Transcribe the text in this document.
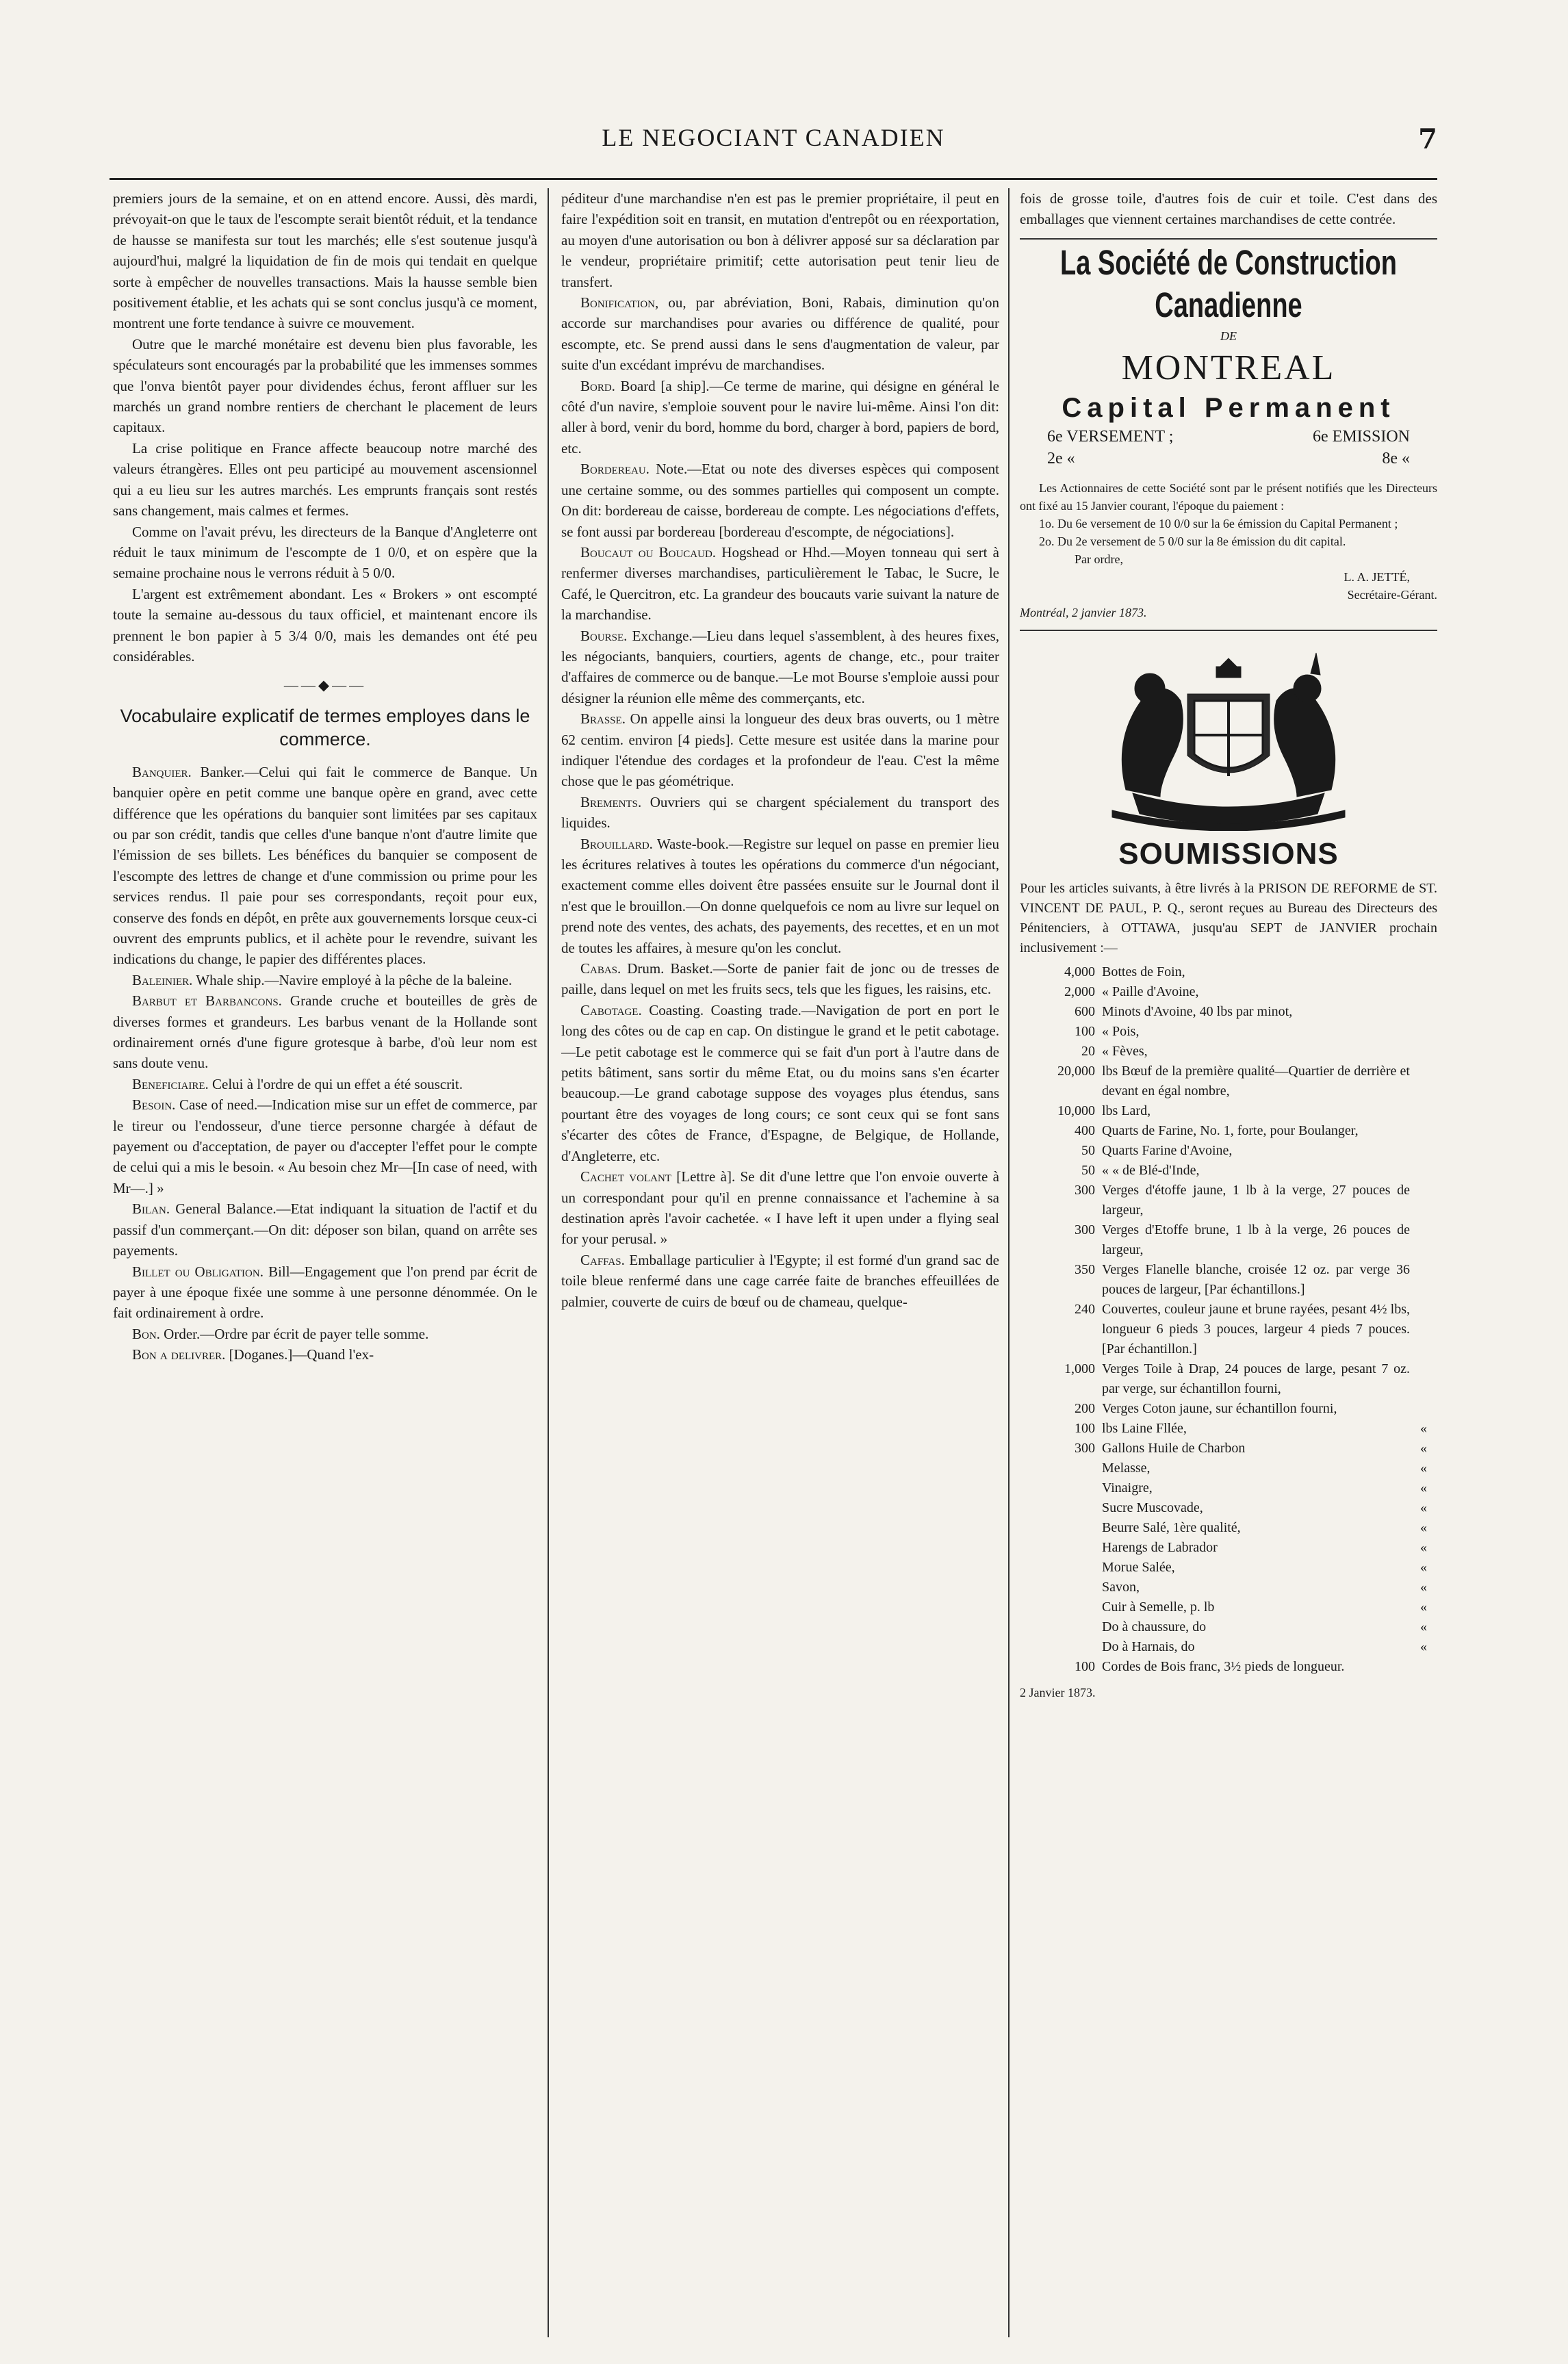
LE NEGOCIANT CANADIEN	7

premiers jours de la semaine, et on en attend encore. Aussi, dès mardi, prévoyait-on que le taux de l'escompte serait bientôt réduit, et la tendance de hausse se manifesta sur tout les marchés; elle s'est soutenue jusqu'à aujourd'hui, malgré la liquidation de fin de mois qui tendait en quelque sorte à empêcher de nouvelles transactions. Mais la hausse semble bien positivement établie, et les achats qui se sont conclus jusqu'à ce moment, montrent une forte tendance à suivre ce mouvement.

Outre que le marché monétaire est devenu bien plus favorable, les spéculateurs sont encouragés par la probabilité que les immenses sommes que l'onva bientôt payer pour dividendes échus, feront affluer sur les marchés un grand nombre rentiers de cherchant le placement de leurs capitaux.

La crise politique en France affecte beaucoup notre marché des valeurs étrangères. Elles ont peu participé au mouvement ascensionnel qui a eu lieu sur les autres marchés. Les emprunts français sont restés sans changement, mais calmes et fermes.

Comme on l'avait prévu, les directeurs de la Banque d'Angleterre ont réduit le taux minimum de l'escompte de 1 0/0, et on espère que la semaine prochaine nous le verrons réduit à 5 0/0.

L'argent est extrêmement abondant. Les « Brokers » ont escompté toute la semaine au-dessous du taux officiel, et maintenant encore ils prennent le bon papier à 5 3/4 0/0, mais les demandes ont été peu considérables.

——◆——
Vocabulaire explicatif de termes employes dans le commerce.

Banquier. Banker.—Celui qui fait le commerce de Banque. Un banquier opère en petit comme une banque opère en grand, avec cette différence que les opérations du banquier sont limitées par ses capitaux ou par son crédit, tandis que celles d'une banque n'ont d'autre limite que l'émission de ses billets. Les bénéfices du banquier se composent de l'escompte des lettres de change et d'une commission ou prime pour les services rendus. Il paie pour ses correspondants, reçoit pour eux, conserve des fonds en dépôt, en prête aux gouvernements lorsque ceux-ci ouvrent des emprunts publics, et il achète pour le revendre, suivant les indications du change, le papier des différentes places.

Baleinier. Whale ship.—Navire employé à la pêche de la baleine.

Barbut et Barbancons. Grande cruche et bouteilles de grès de diverses formes et grandeurs. Les barbus venant de la Hollande sont ordinairement ornés d'une figure grotesque à barbe, d'où leur nom est sans doute venu.

Beneficiaire. Celui à l'ordre de qui un effet a été souscrit.

Besoin. Case of need.—Indication mise sur un effet de commerce, par le tireur ou l'endosseur, d'une tierce personne chargée à défaut de payement ou d'acceptation, de payer ou d'accepter l'effet pour le compte de celui qui a mis le besoin. « Au besoin chez Mr—[In case of need, with Mr—.] »

Bilan. General Balance.—Etat indiquant la situation de l'actif et du passif d'un commerçant.—On dit: déposer son bilan, quand on arrête ses payements.

Billet ou Obligation. Bill—Engagement que l'on prend par écrit de payer à une époque fixée une somme à une personne dénommée. On le fait ordinairement à ordre.

Bon. Order.—Ordre par écrit de payer telle somme.

Bon a delivrer. [Doganes.]—Quand l'ex-

péditeur d'une marchandise n'en est pas le premier propriétaire, il peut en faire l'expédition soit en transit, en mutation d'entrepôt ou en réexportation, au moyen d'une autorisation ou bon à délivrer apposé sur sa déclaration par le vendeur, propriétaire primitif; cette autorisation peut tenir lieu de transfert.

Bonification, ou, par abréviation, Boni, Rabais, diminution qu'on accorde sur marchandises pour avaries ou différence de qualité, pour escompte, etc. Se prend aussi dans le sens d'augmentation de valeur, par suite d'un excédant imprévu de marchandises.

Bord. Board [a ship].—Ce terme de marine, qui désigne en général le côté d'un navire, s'emploie souvent pour le navire lui-même. Ainsi l'on dit: aller à bord, venir du bord, homme du bord, charger à bord, papiers de bord, etc.

Bordereau. Note.—Etat ou note des diverses espèces qui composent une certaine somme, ou des sommes partielles qui composent un compte. On dit: bordereau de caisse, bordereau de compte. Les négociations d'effets, se font aussi par bordereau [bordereau d'escompte, de négociations].

Boucaut ou Boucaud. Hogshead or Hhd.—Moyen tonneau qui sert à renfermer diverses marchandises, particulièrement le Tabac, le Sucre, le Café, le Quercitron, etc. La grandeur des boucauts varie suivant la nature de la marchandise.

Bourse. Exchange.—Lieu dans lequel s'assemblent, à des heures fixes, les négociants, banquiers, courtiers, agents de change, etc., pour traiter d'affaires de commerce ou de banque.—Le mot Bourse s'emploie aussi pour désigner la réunion elle même des commerçants, etc.

Brasse. On appelle ainsi la longueur des deux bras ouverts, ou 1 mètre 62 centim. environ [4 pieds]. Cette mesure est usitée dans la marine pour indiquer l'étendue des cordages et la profondeur de l'eau. C'est la même chose que le pas géométrique.

Brements. Ouvriers qui se chargent spécialement du transport des liquides.

Brouillard. Waste-book.—Registre sur lequel on passe en premier lieu les écritures relatives à toutes les opérations du commerce d'un négociant, exactement comme elles doivent être passées ensuite sur le Journal dont il n'est que le brouillon.—On donne quelquefois ce nom au livre sur lequel on prend note des ventes, des achats, des payements, des recettes, et en un mot de toutes les affaires, à mesure qu'on les conclut.

Cabas. Drum. Basket.—Sorte de panier fait de jonc ou de tresses de paille, dans lequel on met les fruits secs, tels que les figues, les raisins, etc.

Cabotage. Coasting. Coasting trade.—Navigation de port en port le long des côtes ou de cap en cap. On distingue le grand et le petit cabotage.—Le petit cabotage est le commerce qui se fait d'un port à l'autre dans de petits bâtiment, sans sortir du même Etat, ou du moins sans s'en écarter beaucoup.—Le grand cabotage suppose des voyages plus étendus, sans pourtant être des voyages de long cours; ce sont ceux qui se font sans s'écarter des côtes de France, d'Espagne, de Belgique, de Hollande, d'Angleterre, etc.

Cachet volant [Lettre à]. Se dit d'une lettre que l'on envoie ouverte à un correspondant pour qu'il en prenne connaissance et l'achemine à sa destination après l'avoir cachetée. « I have left it upen under a flying seal for your perusal. »

Caffas. Emballage particulier à l'Egypte; il est formé d'un grand sac de toile bleue renfermé dans une cage carrée faite de branches effeuillées de palmier, couverte de cuirs de bœuf ou de chameau, quelque-

fois de grosse toile, d'autres fois de cuir et toile. C'est dans des emballages que viennent certaines marchandises de cette contrée.

La Société de Construction Canadienne
DE
MONTREAL
Capital Permanent
6e VERSEMENT ;	6e EMISSION
2e «	8e «

Les Actionnaires de cette Société sont par le présent notifiés que les Directeurs ont fixé au 15 Janvier courant, l'époque du paiement :

1o. Du 6e versement de 10 0/0 sur la 6e émission du Capital Permanent ;

2o. Du 2e versement de 5 0/0 sur la 8e émission du dit capital.

Par ordre,

L. A. JETTÉ,
Secrétaire-Gérant.
Montréal, 2 janvier 1873.
SOUMISSIONS

Pour les articles suivants, à être livrés à la PRISON DE REFORME de ST. VINCENT DE PAUL, P. Q., seront reçues au Bureau des Directeurs des Pénitenciers, à OTTAWA, jusqu'au SEPT de JANVIER prochain inclusivement :—

4,000 Bottes de Foin,
2,000 « Paille d'Avoine,
600 Minots d'Avoine, 40 lbs par minot,
100 « Pois,
20 « Fèves,
20,000 lbs Bœuf de la première qualité—Quartier de derrière et devant en égal nombre,
10,000 lbs Lard,
400 Quarts de Farine, No. 1, forte, pour Boulanger,
50 Quarts Farine d'Avoine,
50 « « de Blé-d'Inde,
300 Verges d'étoffe jaune, 1 lb à la verge, 27 pouces de largeur,
300 Verges d'Etoffe brune, 1 lb à la verge, 26 pouces de largeur,
350 Verges Flanelle blanche, croisée 12 oz. par verge 36 pouces de largeur, [Par échantillons.]
240 Couvertes, couleur jaune et brune rayées, pesant 4½ lbs, longueur 6 pieds 3 pouces, largeur 4 pieds 7 pouces. [Par échantillon.]
1,000 Verges Toile à Drap, 24 pouces de large, pesant 7 oz. par verge, sur échantillon fourni,
200 Verges Coton jaune, sur échantillon fourni,
100 lbs Laine Fllée,	«
300 Gallons Huile de Charbon	«
Melasse,	«
Vinaigre,	«
Sucre Muscovade,	«
Beurre Salé, 1ère qualité,	«
Harengs de Labrador	«
Morue Salée,	«
Savon,	«
Cuir à Semelle, p. lb	«
Do à chaussure, do	«
Do à Harnais, do	«
100 Cordes de Bois franc, 3½ pieds de longueur.
2 Janvier 1873.
